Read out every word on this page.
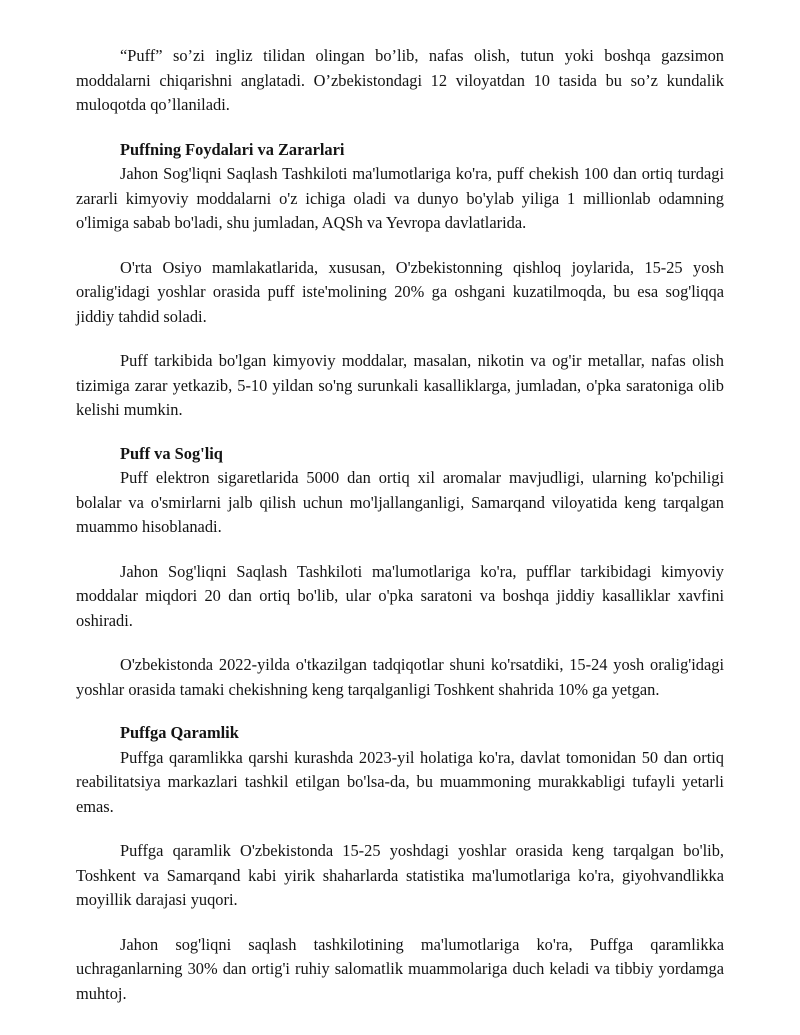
“Puff” so’zi ingliz tilidan olingan bo’lib, nafas olish, tutun yoki boshqa gazsimon moddalarni chiqarishni anglatadi. O’zbekistondagi 12 viloyatdan 10 tasida bu so’z kundalik muloqotda qo’llaniladi.

Puffning Foydalari va Zararlari

Jahon Sog'liqni Saqlash Tashkiloti ma'lumotlariga ko'ra, puff chekish 100 dan ortiq turdagi zararli kimyoviy moddalarni o'z ichiga oladi va dunyo bo'ylab yiliga 1 millionlab odamning o'limiga sabab bo'ladi, shu jumladan, AQSh va Yevropa davlatlarida.

O'rta Osiyo mamlakatlarida, xususan, O'zbekistonning qishloq joylarida, 15-25 yosh oralig'idagi yoshlar orasida puff iste'molining 20% ga oshgani kuzatilmoqda, bu esa sog'liqqa jiddiy tahdid soladi.

Puff tarkibida bo'lgan kimyoviy moddalar, masalan, nikotin va og'ir metallar, nafas olish tizimiga zarar yetkazib, 5-10 yildan so'ng surunkali kasalliklarga, jumladan, o'pka saratoniga olib kelishi mumkin.

Puff va Sog'liq

Puff elektron sigaretlarida 5000 dan ortiq xil aromalar mavjudligi, ularning ko'pchiligi bolalar va o'smirlarni jalb qilish uchun mo'ljallanganligi, Samarqand viloyatida keng tarqalgan muammo hisoblanadi.

Jahon Sog'liqni Saqlash Tashkiloti ma'lumotlariga ko'ra, pufflar tarkibidagi kimyoviy moddalar miqdori 20 dan ortiq bo'lib, ular o'pka saratoni va boshqa jiddiy kasalliklar xavfini oshiradi.

O'zbekistonda 2022-yilda o'tkazilgan tadqiqotlar shuni ko'rsatdiki, 15-24 yosh oralig'idagi yoshlar orasida tamaki chekishning keng tarqalganligi Toshkent shahrida 10% ga yetgan.

Puffga Qaramlik

Puffga qaramlikka qarshi kurashda 2023-yil holatiga ko'ra, davlat tomonidan 50 dan ortiq reabilitatsiya markazlari tashkil etilgan bo'lsa-da, bu muammoning murakkabligi tufayli yetarli emas.

Puffga qaramlik O'zbekistonda 15-25 yoshdagi yoshlar orasida keng tarqalgan bo'lib, Toshkent va Samarqand kabi yirik shaharlarda statistika ma'lumotlariga ko'ra, giyohvandlikka moyillik darajasi yuqori.

Jahon sog'liqni saqlash tashkilotining ma'lumotlariga ko'ra, Puffga qaramlikka uchraganlarning 30% dan ortig'i ruhiy salomatlik muammolariga duch keladi va tibbiy yordamga muhtoj.
